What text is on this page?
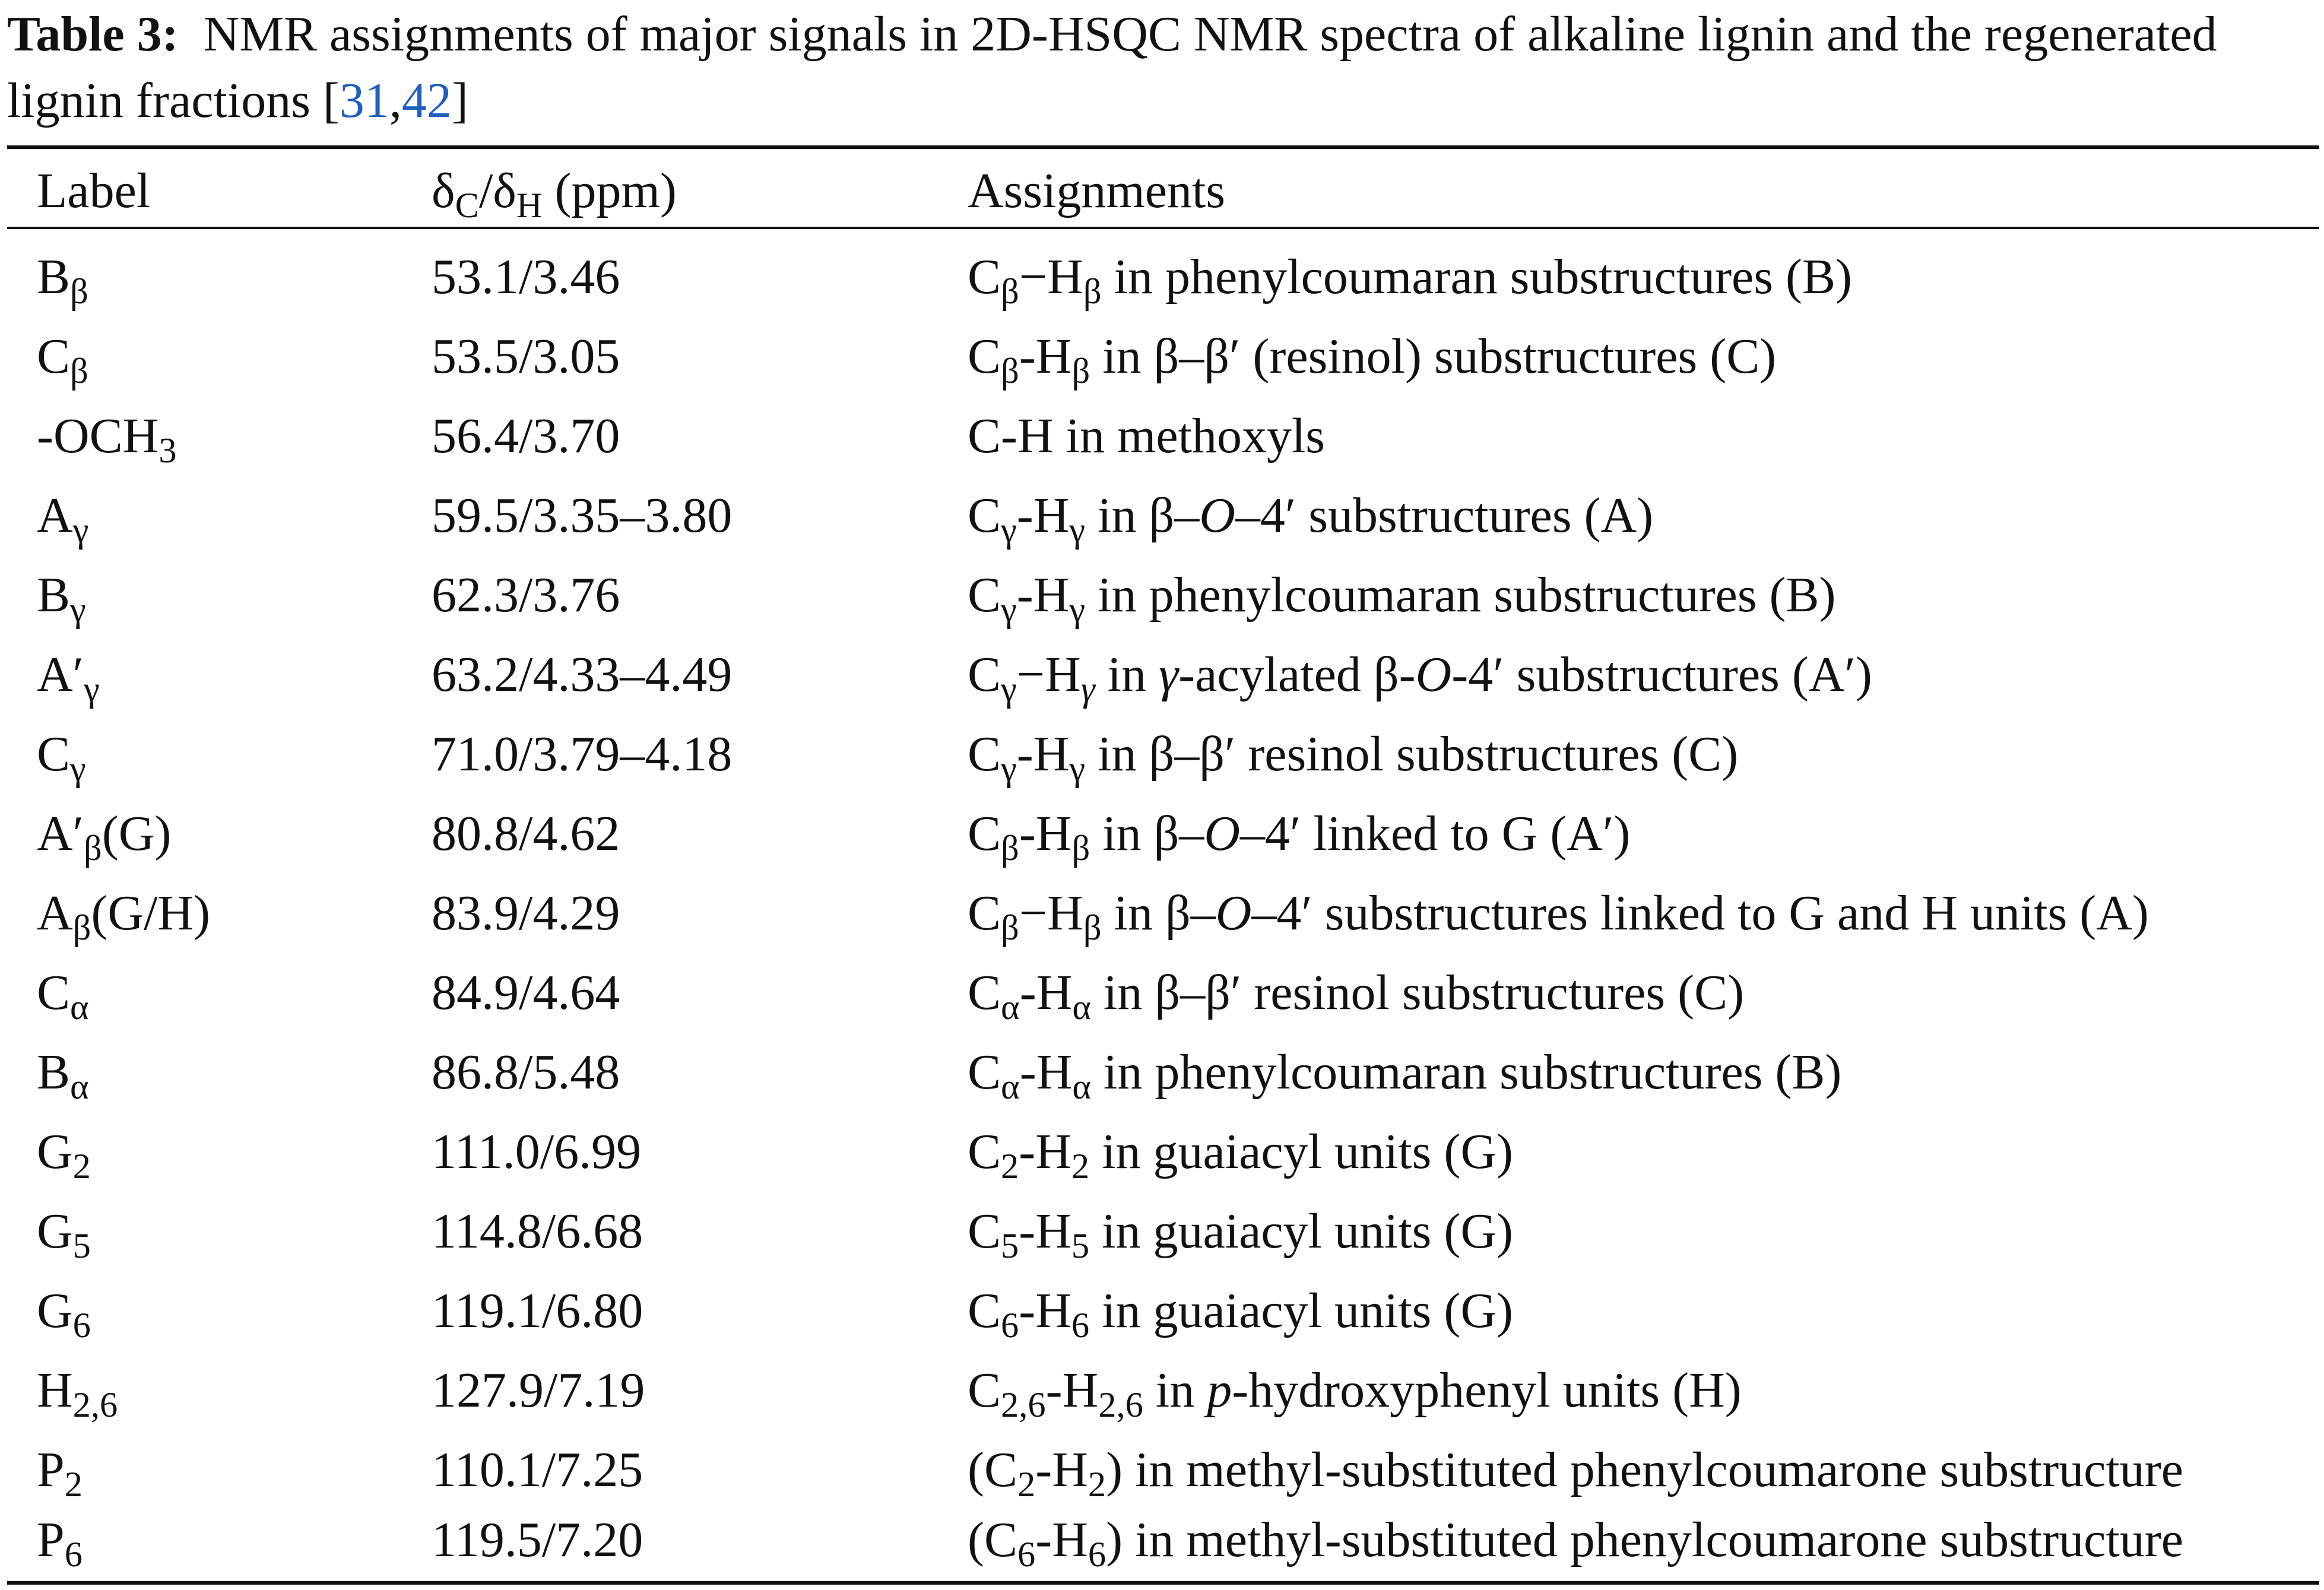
Table 3: NMR assignments of major signals in 2D-HSQC NMR spectra of alkaline lignin and the regenerated
lignin fractions [31,42]
Label	$\delta_C/\delta_H$ (ppm)	Assignments
$B_\beta$	53.1/3.46	$C_\beta-H_\beta$ in phenylcoumaran substructures (B)
$C_\beta$	53.5/3.05	$C_\beta-H_\beta$ in β–β′ (resinol) substructures (C)
$-OCH_3$	56.4/3.70	C-H in methoxyls
$A_\gamma$	59.5/3.35–3.80	$C_\gamma-H_\gamma$ in β–O–4′ substructures (A)
$B_\gamma$	62.3/3.76	$C_\gamma-H_\gamma$ in phenylcoumaran substructures (B)
$A'_\gamma$	63.2/4.33–4.49	$C_\gamma-H_\gamma$ in γ-acylated β-O-4′ substructures (A′)
$C_\gamma$	71.0/3.79–4.18	$C_\gamma-H_\gamma$ in β–β′ resinol substructures (C)
$A'_\beta(G)$	80.8/4.62	$C_\beta-H_\beta$ in β–O–4′ linked to G (A′)
$A_\beta(G/H)$	83.9/4.29	$C_\beta-H_\beta$ in β–O–4′ substructures linked to G and H units (A)
$C_\alpha$	84.9/4.64	$C_\alpha-H_\alpha$ in β–β′ resinol substructures (C)
$B_\alpha$	86.8/5.48	$C_\alpha-H_\alpha$ in phenylcoumaran substructures (B)
$G_2$	111.0/6.99	$C_2-H_2$ in guaiacyl units (G)
$G_5$	114.8/6.68	$C_5-H_5$ in guaiacyl units (G)
$G_6$	119.1/6.80	$C_6-H_6$ in guaiacyl units (G)
$H_{2,6}$	127.9/7.19	$C_{2,6}-H_{2,6}$ in p-hydroxyphenyl units (H)
$P_2$	110.1/7.25	$(C_2-H_2)$ in methyl-substituted phenylcoumarone substructure
$P_6$	119.5/7.20	$(C_6-H_6)$ in methyl-substituted phenylcoumarone substructure
